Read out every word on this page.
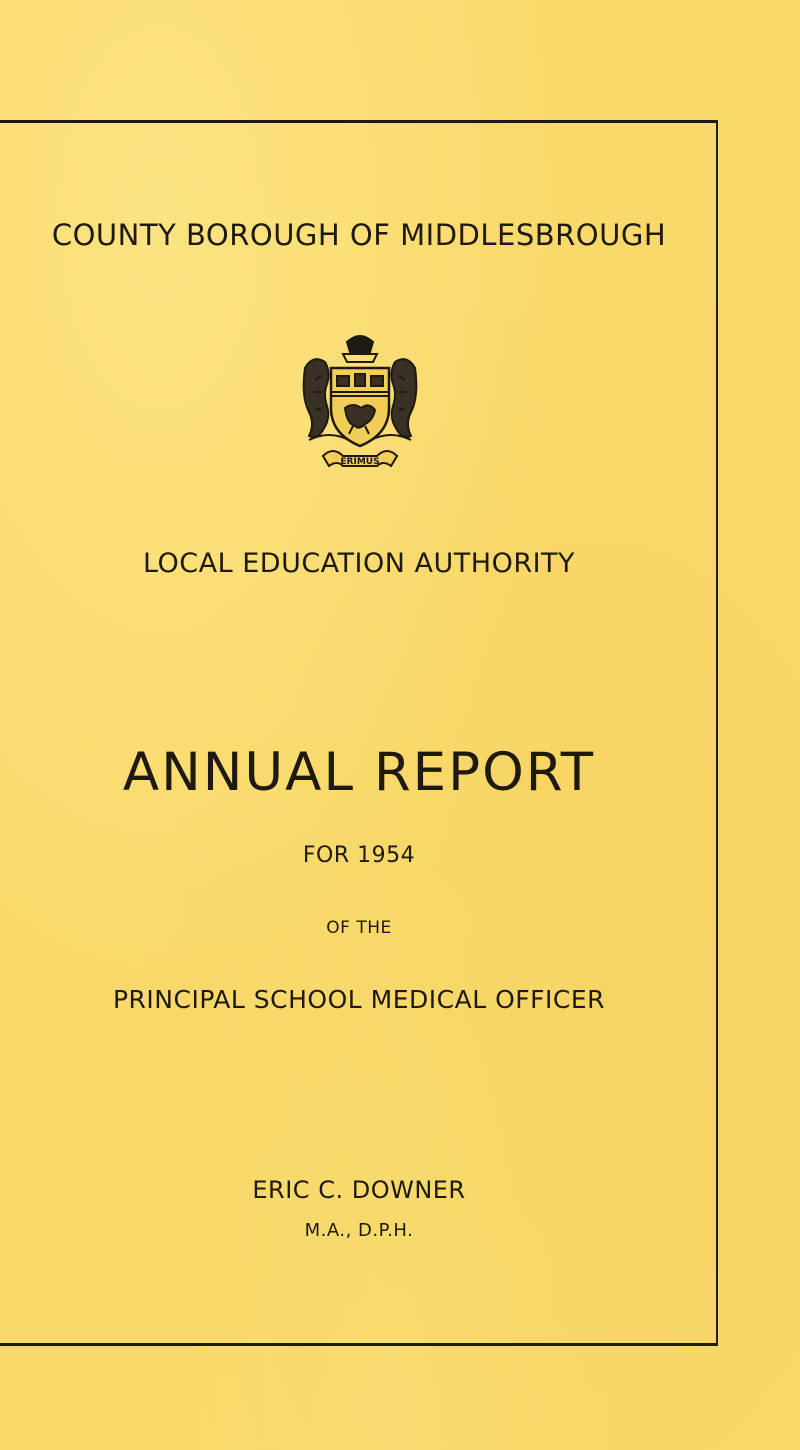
COUNTY BOROUGH OF MIDDLESBROUGH
ERIMUS
LOCAL EDUCATION AUTHORITY
ANNUAL REPORT

FOR 1954

OF THE

PRINCIPAL SCHOOL MEDICAL OFFICER

ERIC C. DOWNER

M.A., D.P.H.
